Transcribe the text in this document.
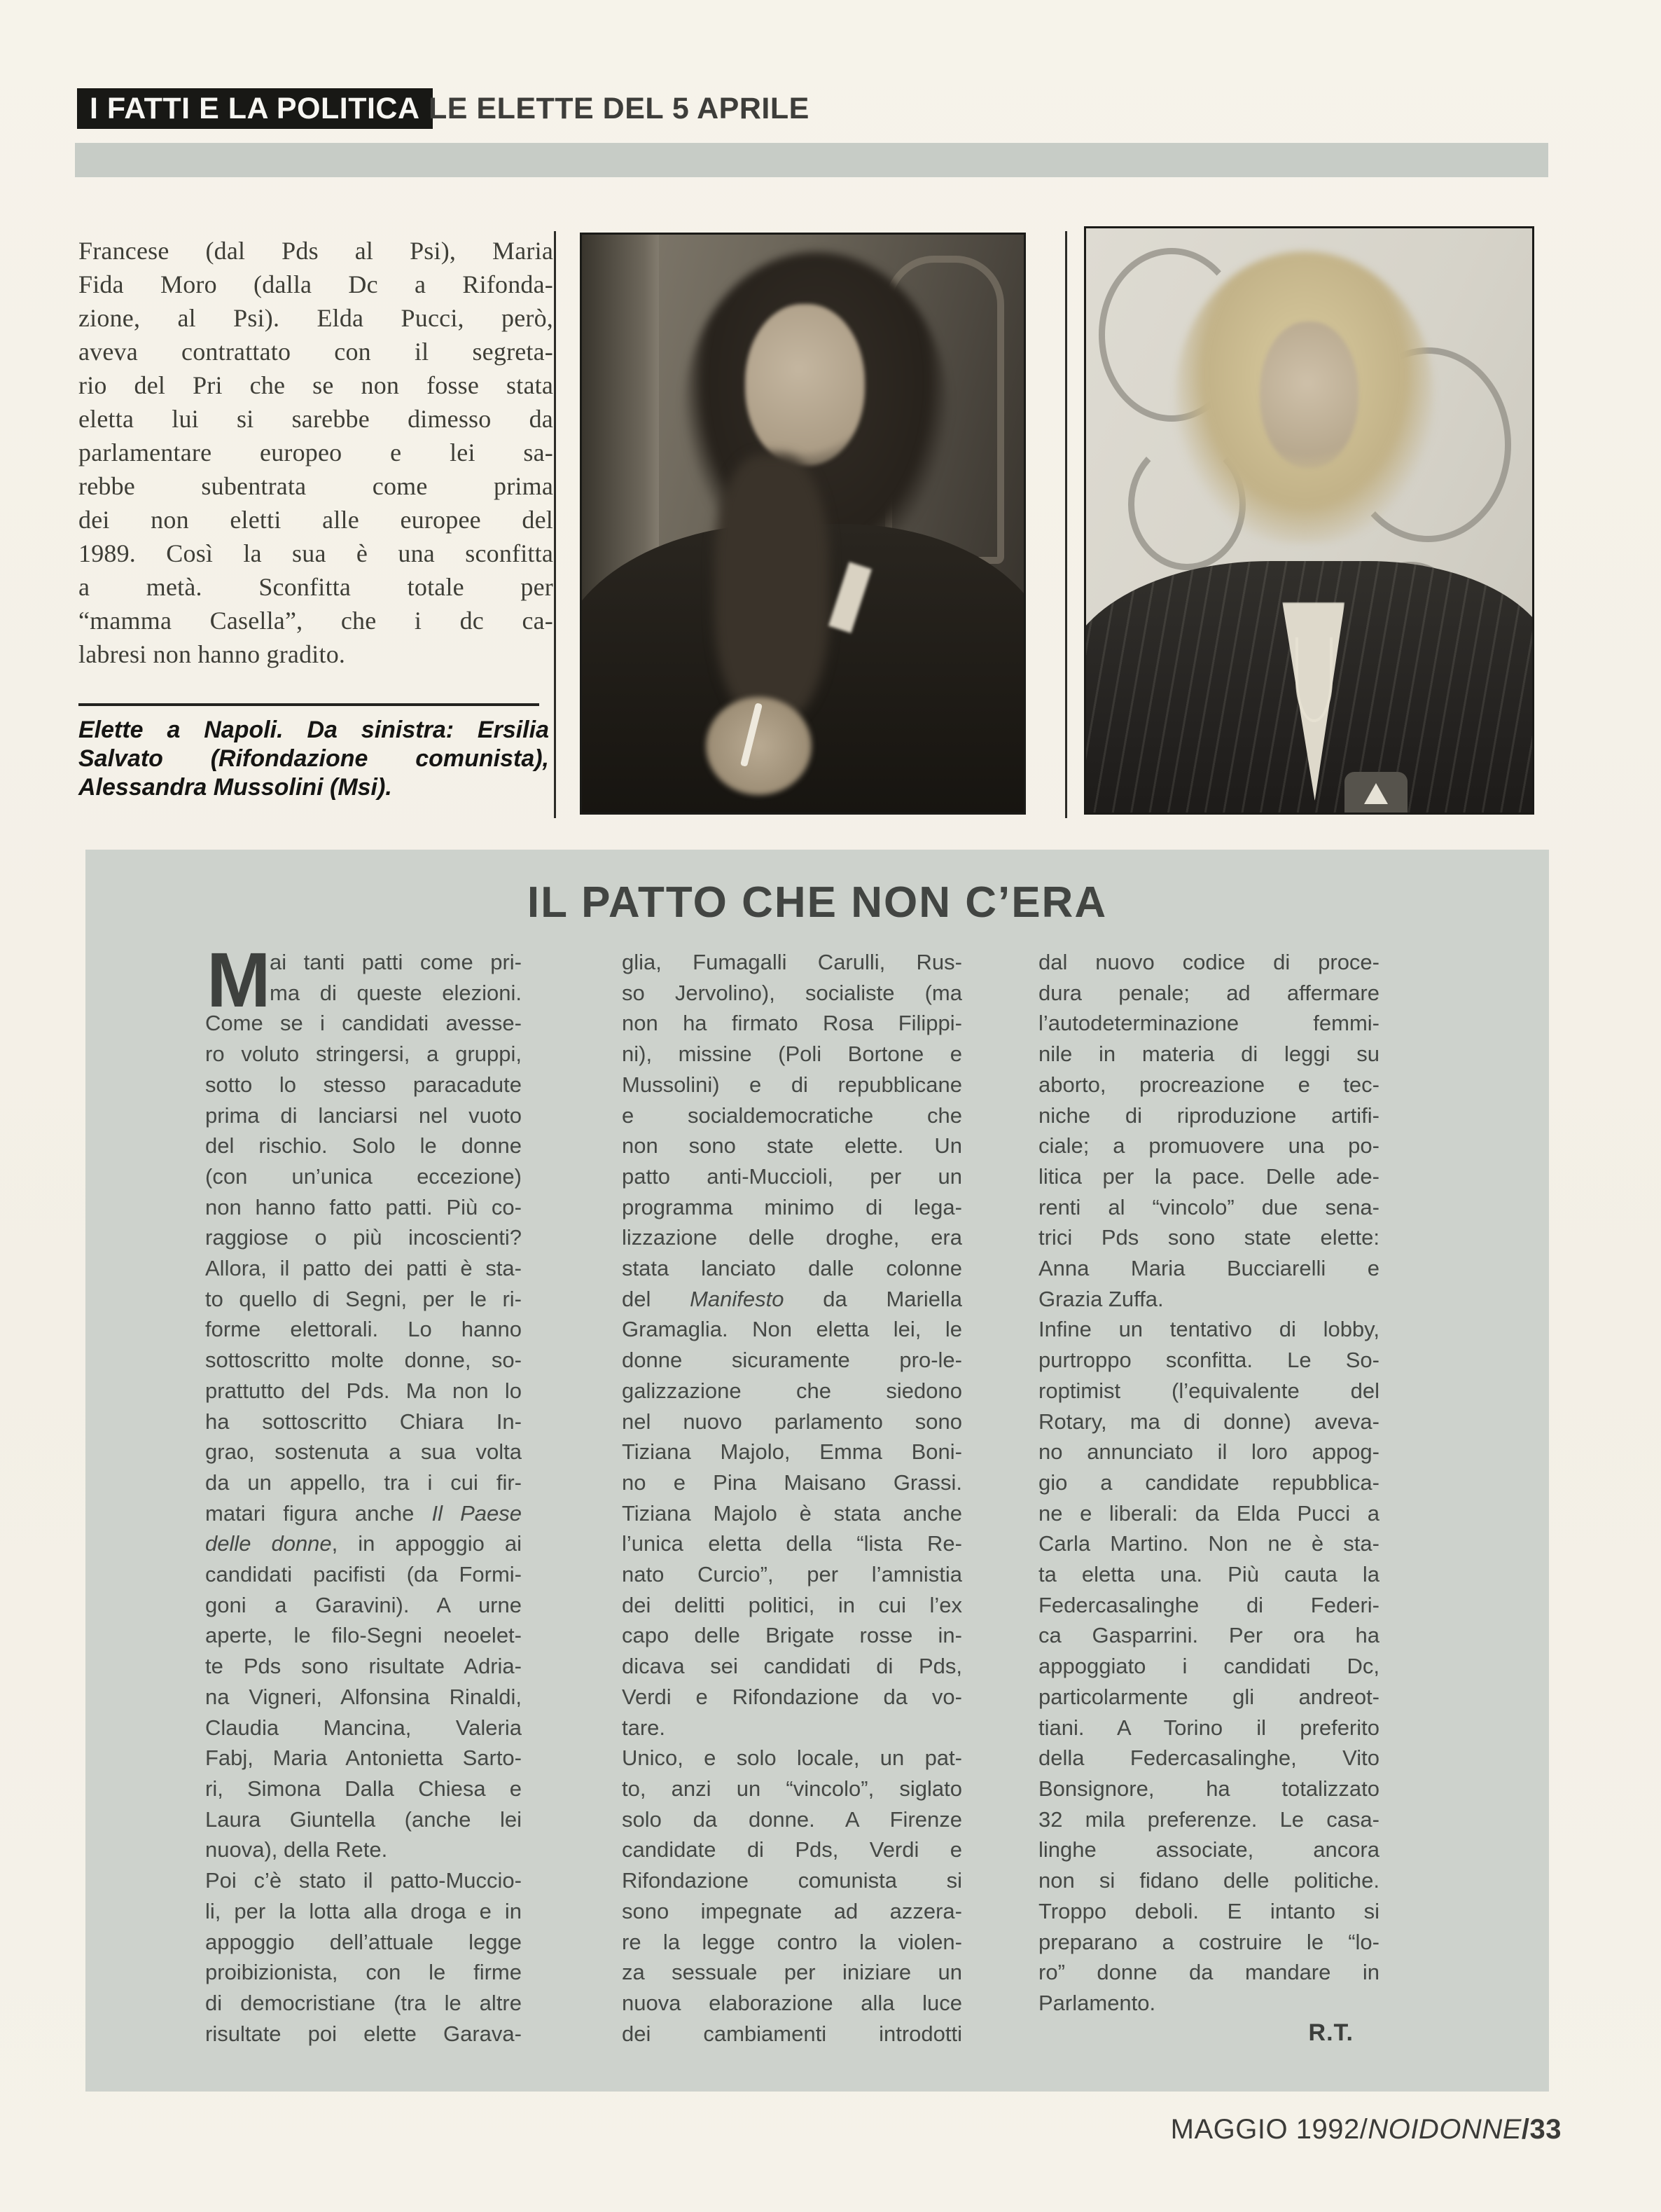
I FATTI E LA POLITICA LE ELETTE DEL 5 APRILE
Francese (dal Pds al Psi), Maria
Fida Moro (dalla Dc a Rifonda-
zione, al Psi). Elda Pucci, però,
aveva contrattato con il segreta-
rio del Pri che se non fosse stata
eletta lui si sarebbe dimesso da
parlamentare europeo e lei sa-
rebbe subentrata come prima
dei non eletti alle europee del
1989. Così la sua è una sconfitta
a metà. Sconfitta totale per
“mamma Casella”, che i dc ca-
labresi non hanno gradito.
Elette a Napoli. Da sinistra: Ersilia
Salvato (Rifondazione comunista),
Alessandra Mussolini (Msi).
IL PATTO CHE NON C’ERA
M
ai tanti patti come pri-
ma di queste elezioni.
Come se i candidati avesse-
ro voluto stringersi, a gruppi,
sotto lo stesso paracadute
prima di lanciarsi nel vuoto
del rischio. Solo le donne
(con un’unica eccezione)
non hanno fatto patti. Più co-
raggiose o più incoscienti?
Allora, il patto dei patti è sta-
to quello di Segni, per le ri-
forme elettorali. Lo hanno
sottoscritto molte donne, so-
prattutto del Pds. Ma non lo
ha sottoscritto Chiara In-
grao, sostenuta a sua volta
da un appello, tra i cui fir-
matari figura anche Il Paese
delle donne, in appoggio ai
candidati pacifisti (da Formi-
goni a Garavini). A urne
aperte, le filo-Segni neoelet-
te Pds sono risultate Adria-
na Vigneri, Alfonsina Rinaldi,
Claudia Mancina, Valeria
Fabj, Maria Antonietta Sarto-
ri, Simona Dalla Chiesa e
Laura Giuntella (anche lei
nuova), della Rete.
Poi c’è stato il patto-Muccio-
li, per la lotta alla droga e in
appoggio dell’attuale legge
proibizionista, con le firme
di democristiane (tra le altre
risultate poi elette Garava-
glia, Fumagalli Carulli, Rus-
so Jervolino), socialiste (ma
non ha firmato Rosa Filippi-
ni), missine (Poli Bortone e
Mussolini) e di repubblicane
e socialdemocratiche che
non sono state elette. Un
patto anti-Muccioli, per un
programma minimo di lega-
lizzazione delle droghe, era
stata lanciato dalle colonne
del Manifesto da Mariella
Gramaglia. Non eletta lei, le
donne sicuramente pro-le-
galizzazione che siedono
nel nuovo parlamento sono
Tiziana Majolo, Emma Boni-
no e Pina Maisano Grassi.
Tiziana Majolo è stata anche
l’unica eletta della “lista Re-
nato Curcio”, per l’amnistia
dei delitti politici, in cui l’ex
capo delle Brigate rosse in-
dicava sei candidati di Pds,
Verdi e Rifondazione da vo-
tare.
Unico, e solo locale, un pat-
to, anzi un “vincolo”, siglato
solo da donne. A Firenze
candidate di Pds, Verdi e
Rifondazione comunista si
sono impegnate ad azzera-
re la legge contro la violen-
za sessuale per iniziare un
nuova elaborazione alla luce
dei cambiamenti introdotti
dal nuovo codice di proce-
dura penale; ad affermare
l’autodeterminazione femmi-
nile in materia di leggi su
aborto, procreazione e tec-
niche di riproduzione artifi-
ciale; a promuovere una po-
litica per la pace. Delle ade-
renti al “vincolo” due sena-
trici Pds sono state elette:
Anna Maria Bucciarelli e
Grazia Zuffa.
Infine un tentativo di lobby,
purtroppo sconfitta. Le So-
roptimist (l’equivalente del
Rotary, ma di donne) aveva-
no annunciato il loro appog-
gio a candidate repubblica-
ne e liberali: da Elda Pucci a
Carla Martino. Non ne è sta-
ta eletta una. Più cauta la
Federcasalinghe di Federi-
ca Gasparrini. Per ora ha
appoggiato i candidati Dc,
particolarmente gli andreot-
tiani. A Torino il preferito
della Federcasalinghe, Vito
Bonsignore, ha totalizzato
32 mila preferenze. Le casa-
linghe associate, ancora
non si fidano delle politiche.
Troppo deboli. E intanto si
preparano a costruire le “lo-
ro” donne da mandare in
Parlamento.
R.T.
MAGGIO 1992/NOIDONNE/33
